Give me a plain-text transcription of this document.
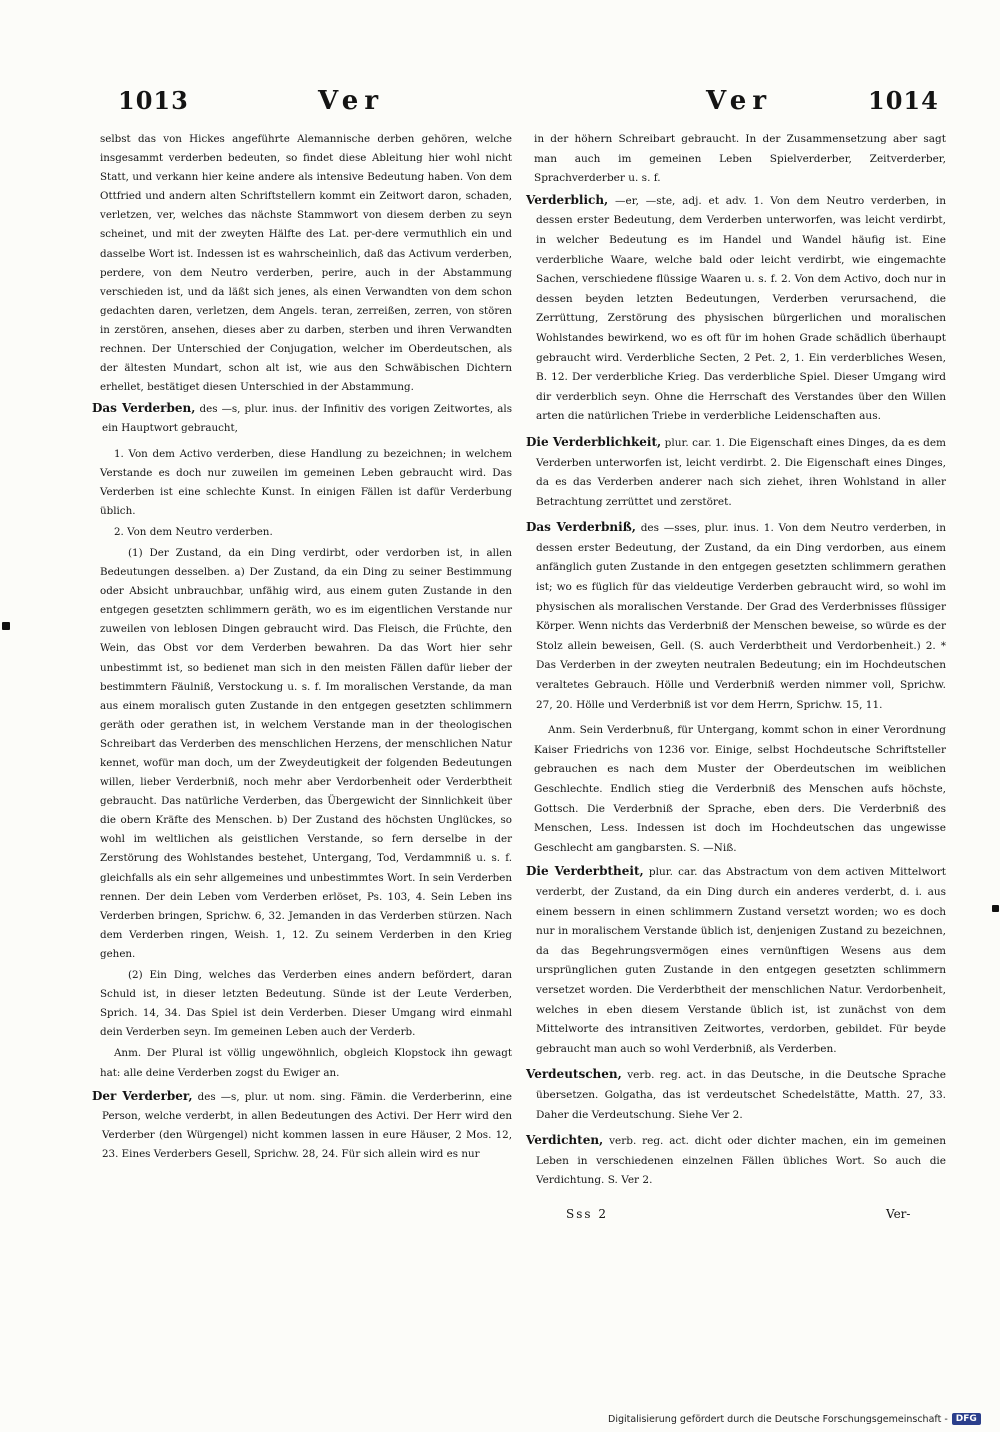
1013	Ver	Ver	1014

selbst das von Hickes angeführte Alemannische derben gehören, welche insgesammt verderben bedeuten, so findet diese Ableitung hier wohl nicht Statt, und verkann hier keine andere als intensive Bedeutung haben. Von dem Ottfried und andern alten Schriftstellern kommt ein Zeitwort daron, schaden, verletzen, ver, welches das nächste Stammwort von diesem derben zu seyn scheinet, und mit der zweyten Hälfte des Lat. per-dere vermuthlich ein und dasselbe Wort ist. Indessen ist es wahrscheinlich, daß das Activum verderben, perdere, von dem Neutro verderben, perire, auch in der Abstammung verschieden ist, und da läßt sich jenes, als einen Verwandten von dem schon gedachten daren, verletzen, dem Angels. teran, zerreißen, zerren, von stören in zerstören, ansehen, dieses aber zu darben, sterben und ihren Verwandten rechnen. Der Unterschied der Conjugation, welcher im Oberdeutschen, als der ältesten Mundart, schon alt ist, wie aus den Schwäbischen Dichtern erhellet, bestätiget diesen Unterschied in der Abstammung.

Das Verderben, des —s, plur. inus. der Infinitiv des vorigen Zeitwortes, als ein Hauptwort gebraucht,

1. Von dem Activo verderben, diese Handlung zu bezeichnen; in welchem Verstande es doch nur zuweilen im gemeinen Leben gebraucht wird. Das Verderben ist eine schlechte Kunst. In einigen Fällen ist dafür Verderbung üblich.

2. Von dem Neutro verderben.

(1) Der Zustand, da ein Ding verdirbt, oder verdorben ist, in allen Bedeutungen desselben. a) Der Zustand, da ein Ding zu seiner Bestimmung oder Absicht unbrauchbar, unfähig wird, aus einem guten Zustande in den entgegen gesetzten schlimmern geräth, wo es im eigentlichen Verstande nur zuweilen von leblosen Dingen gebraucht wird. Das Fleisch, die Früchte, den Wein, das Obst vor dem Verderben bewahren. Da das Wort hier sehr unbestimmt ist, so bedienet man sich in den meisten Fällen dafür lieber der bestimmtern Fäulniß, Verstockung u. s. f. Im moralischen Verstande, da man aus einem moralisch guten Zustande in den entgegen gesetzten schlimmern geräth oder gerathen ist, in welchem Verstande man in der theologischen Schreibart das Verderben des menschlichen Herzens, der menschlichen Natur kennet, wofür man doch, um der Zweydeutigkeit der folgenden Bedeutungen willen, lieber Verderbniß, noch mehr aber Verdorbenheit oder Verderbtheit gebraucht. Das natürliche Verderben, das Übergewicht der Sinnlichkeit über die obern Kräfte des Menschen. b) Der Zustand des höchsten Unglückes, so wohl im weltlichen als geistlichen Verstande, so fern derselbe in der Zerstörung des Wohlstandes bestehet, Untergang, Tod, Verdammniß u. s. f. gleichfalls als ein sehr allgemeines und unbestimmtes Wort. In sein Verderben rennen. Der dein Leben vom Verderben erlöset, Ps. 103, 4. Sein Leben ins Verderben bringen, Sprichw. 6, 32. Jemanden in das Verderben stürzen. Nach dem Verderben ringen, Weish. 1, 12. Zu seinem Verderben in den Krieg gehen.

(2) Ein Ding, welches das Verderben eines andern befördert, daran Schuld ist, in dieser letzten Bedeutung. Sünde ist der Leute Verderben, Sprich. 14, 34. Das Spiel ist dein Verderben. Dieser Umgang wird einmahl dein Verderben seyn. Im gemeinen Leben auch der Verderb.

Anm. Der Plural ist völlig ungewöhnlich, obgleich Klopstock ihn gewagt hat: alle deine Verderben zogst du Ewiger an.

Der Verderber, des —s, plur. ut nom. sing. Fämin. die Verderberinn, eine Person, welche verderbt, in allen Bedeutungen des Activi. Der Herr wird den Verderber (den Würgengel) nicht kommen lassen in eure Häuser, 2 Mos. 12, 23. Eines Verderbers Gesell, Sprichw. 28, 24. Für sich allein wird es nur

in der höhern Schreibart gebraucht. In der Zusammensetzung aber sagt man auch im gemeinen Leben Spielverderber, Zeitverderber, Sprachverderber u. s. f.

Verderblich, —er, —ste, adj. et adv. 1. Von dem Neutro verderben, in dessen erster Bedeutung, dem Verderben unterworfen, was leicht verdirbt, in welcher Bedeutung es im Handel und Wandel häufig ist. Eine verderbliche Waare, welche bald oder leicht verdirbt, wie eingemachte Sachen, verschiedene flüssige Waaren u. s. f. 2. Von dem Activo, doch nur in dessen beyden letzten Bedeutungen, Verderben verursachend, die Zerrüttung, Zerstörung des physischen bürgerlichen und moralischen Wohlstandes bewirkend, wo es oft für im hohen Grade schädlich überhaupt gebraucht wird. Verderbliche Secten, 2 Pet. 2, 1. Ein verderbliches Wesen, B. 12. Der verderbliche Krieg. Das verderbliche Spiel. Dieser Umgang wird dir verderblich seyn. Ohne die Herrschaft des Verstandes über den Willen arten die natürlichen Triebe in verderbliche Leidenschaften aus.
Die Verderblichkeit, plur. car. 1. Die Eigenschaft eines Dinges, da es dem Verderben unterworfen ist, leicht verdirbt. 2. Die Eigenschaft eines Dinges, da es das Verderben anderer nach sich ziehet, ihren Wohlstand in aller Betrachtung zerrüttet und zerstöret.
Das Verderbniß, des —sses, plur. inus. 1. Von dem Neutro verderben, in dessen erster Bedeutung, der Zustand, da ein Ding verdorben, aus einem anfänglich guten Zustande in den entgegen gesetzten schlimmern gerathen ist; wo es füglich für das vieldeutige Verderben gebraucht wird, so wohl im physischen als moralischen Verstande. Der Grad des Verderbnisses flüssiger Körper. Wenn nichts das Verderbniß der Menschen beweise, so würde es der Stolz allein beweisen, Gell. (S. auch Verderbtheit und Verdorbenheit.) 2. * Das Verderben in der zweyten neutralen Bedeutung; ein im Hochdeutschen veraltetes Gebrauch. Hölle und Verderbniß werden nimmer voll, Sprichw. 27, 20. Hölle und Verderbniß ist vor dem Herrn, Sprichw. 15, 11.

Anm. Sein Verderbnuß, für Untergang, kommt schon in einer Verordnung Kaiser Friedrichs von 1236 vor. Einige, selbst Hochdeutsche Schriftsteller gebrauchen es nach dem Muster der Oberdeutschen im weiblichen Geschlechte. Endlich stieg die Verderbniß des Menschen aufs höchste, Gottsch. Die Verderbniß der Sprache, eben ders. Die Verderbniß des Menschen, Less. Indessen ist doch im Hochdeutschen das ungewisse Geschlecht am gangbarsten. S. —Niß.

Die Verderbtheit, plur. car. das Abstractum von dem activen Mittelwort verderbt, der Zustand, da ein Ding durch ein anderes verderbt, d. i. aus einem bessern in einen schlimmern Zustand versetzt worden; wo es doch nur in moralischem Verstande üblich ist, denjenigen Zustand zu bezeichnen, da das Begehrungsvermögen eines vernünftigen Wesens aus dem ursprünglichen guten Zustande in den entgegen gesetzten schlimmern versetzet worden. Die Verderbtheit der menschlichen Natur. Verdorbenheit, welches in eben diesem Verstande üblich ist, ist zunächst von dem Mittelworte des intransitiven Zeitwortes, verdorben, gebildet. Für beyde gebraucht man auch so wohl Verderbniß, als Verderben.
Verdeutschen, verb. reg. act. in das Deutsche, in die Deutsche Sprache übersetzen. Golgatha, das ist verdeutschet Schedelstätte, Matth. 27, 33. Daher die Verdeutschung. Siehe Ver 2.
Verdichten, verb. reg. act. dicht oder dichter machen, ein im gemeinen Leben in verschiedenen einzelnen Fällen übliches Wort. So auch die Verdichtung. S. Ver 2.
Sss 2	Ver-
Digitalisierung gefördert durch die Deutsche Forschungsgemeinschaft - DFG
